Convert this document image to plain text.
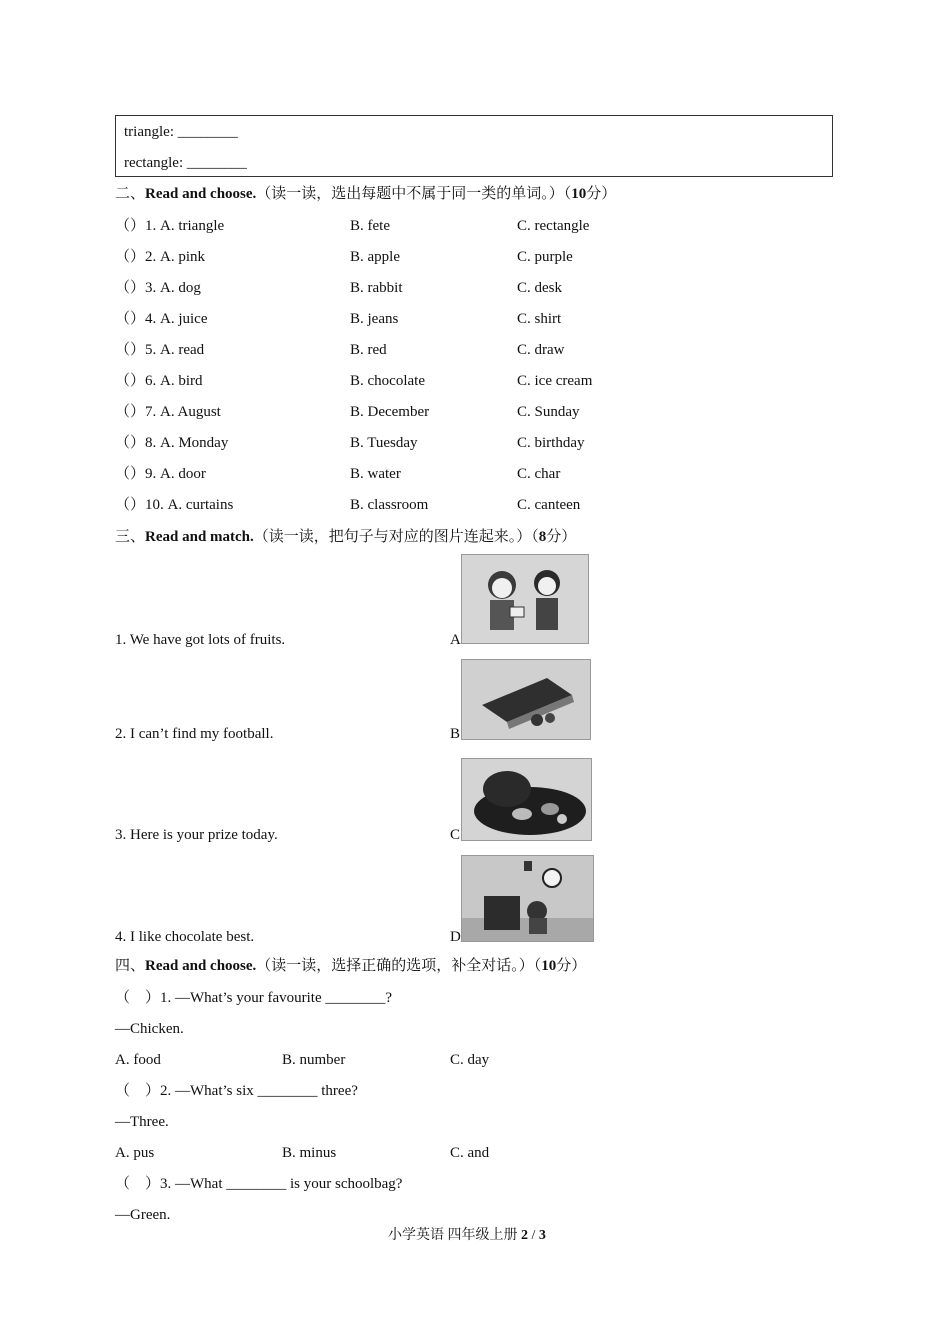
triangle: ________
rectangle: ________
二、Read and choose.（读一读，选出每题中不属于同一类的单词。）（10分）
（）1. A. triangle	B. fete	C. rectangle
（）2. A. pink	B. apple	C. purple
（）3. A. dog	B. rabbit	C. desk
（）4. A. juice	B. jeans	C. shirt
（）5. A. read	B. red	C. draw
（）6. A. bird	B. chocolate	C. ice cream
（）7. A. August	B. December	C. Sunday
（）8. A. Monday	B. Tuesday	C. birthday
（）9. A. door	B. water	C. char
（）10. A. curtains	B. classroom	C. canteen
三、Read and match.（读一读，把句子与对应的图片连起来。）（8分）
1. We have got lots of fruits.
2. I can’t find my football.
3. Here is your prize today.
4. I like chocolate best.
A
B
C
D
四、Read and choose.（读一读，选择正确的选项，补全对话。）（10分）
（　）1. —What’s your favourite ________?
—Chicken.
A. food	B. number	C. day
（　）2. —What’s six ________ three?
—Three.
A. pus	B. minus	C. and
（　）3. —What ________ is your schoolbag?
—Green.
小学英语 四年级上册 2 / 3
